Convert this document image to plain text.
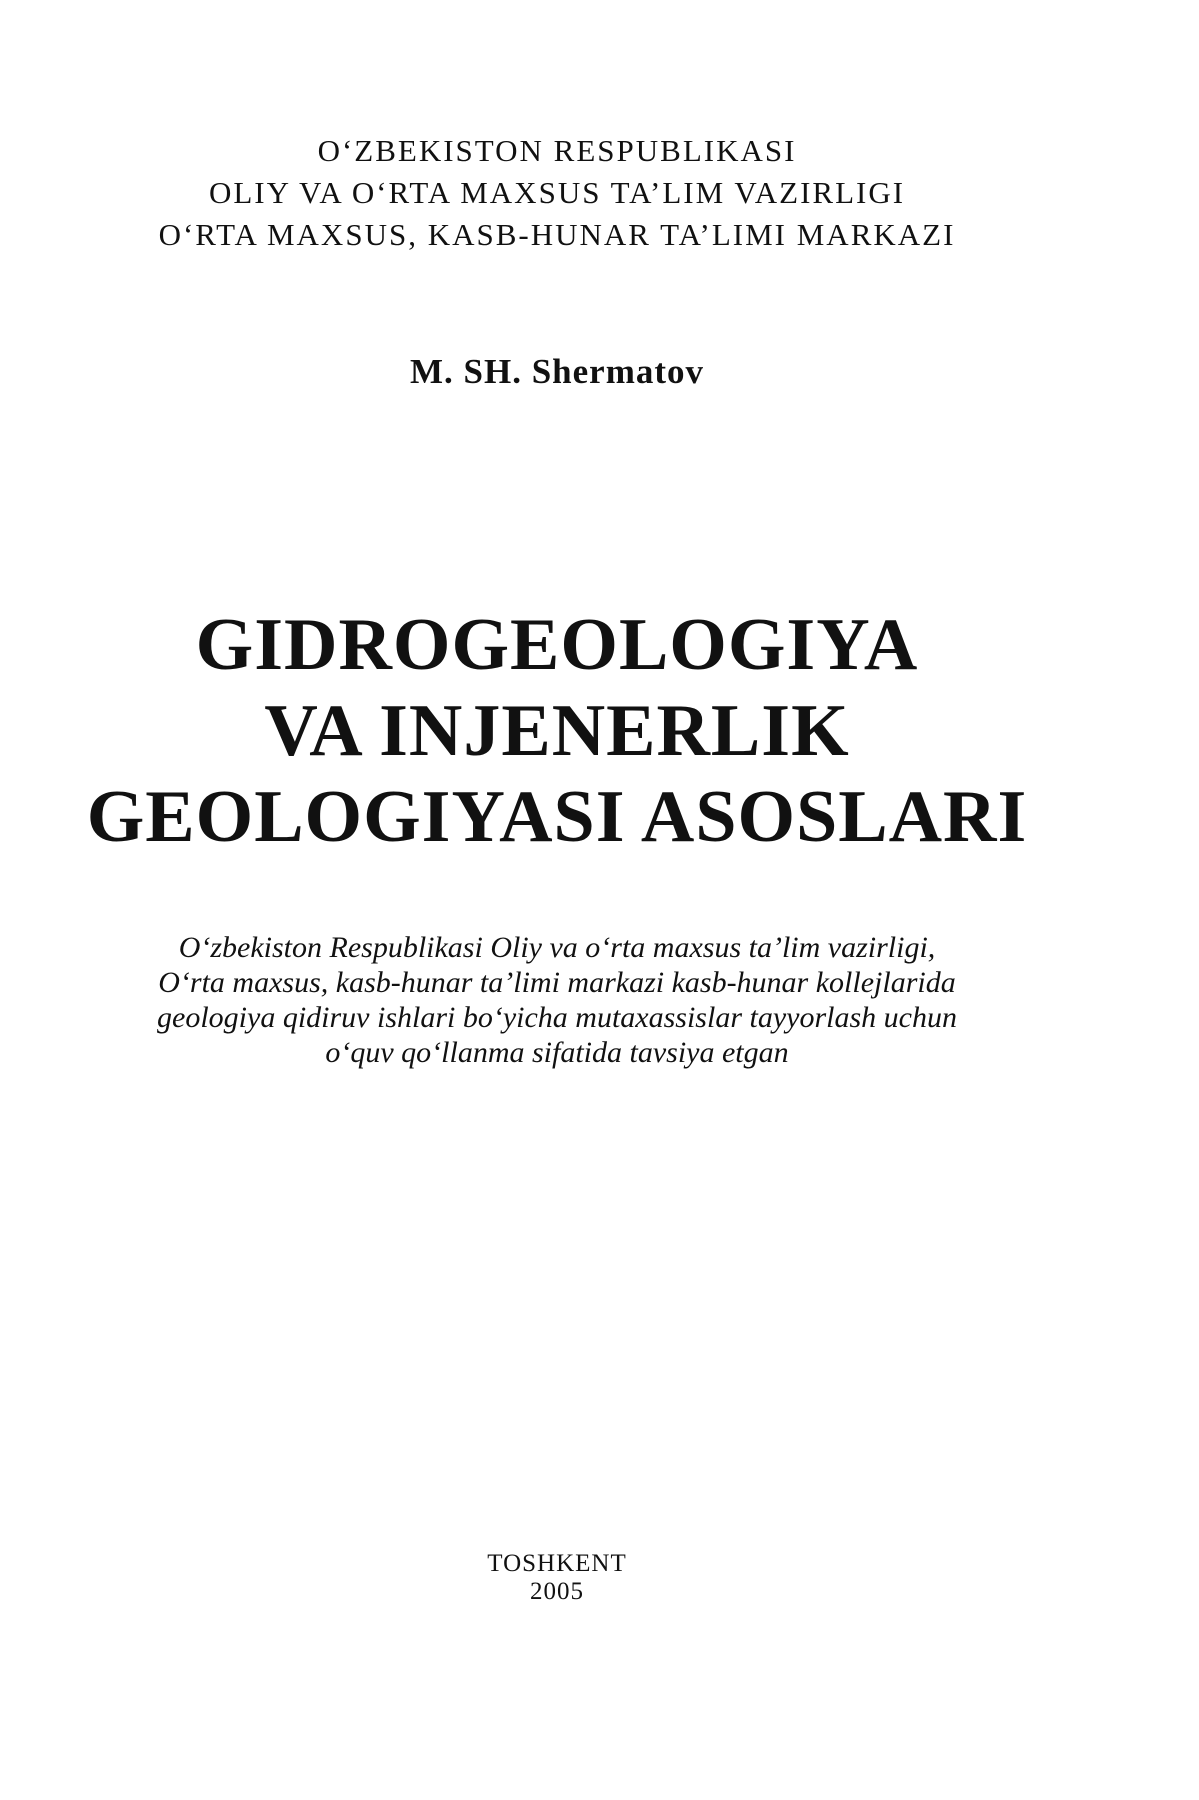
O‘ZBEKISTON RESPUBLIKASI
OLIY VA O‘RTA MAXSUS TA’LIM VAZIRLIGI
O‘RTA MAXSUS, KASB-HUNAR TA’LIMI MARKAZI
M. SH. Shermatov
GIDROGEOLOGIYA
VA INJENERLIK
GEOLOGIYASI ASOSLARI
O‘zbekiston Respublikasi Oliy va o‘rta maxsus ta’lim vazirligi,
O‘rta maxsus, kasb-hunar ta’limi markazi kasb-hunar kollejlarida
geologiya qidiruv ishlari bo‘yicha mutaxassislar tayyorlash uchun
o‘quv qo‘llanma sifatida tavsiya etgan
TOSHKENT
2005
